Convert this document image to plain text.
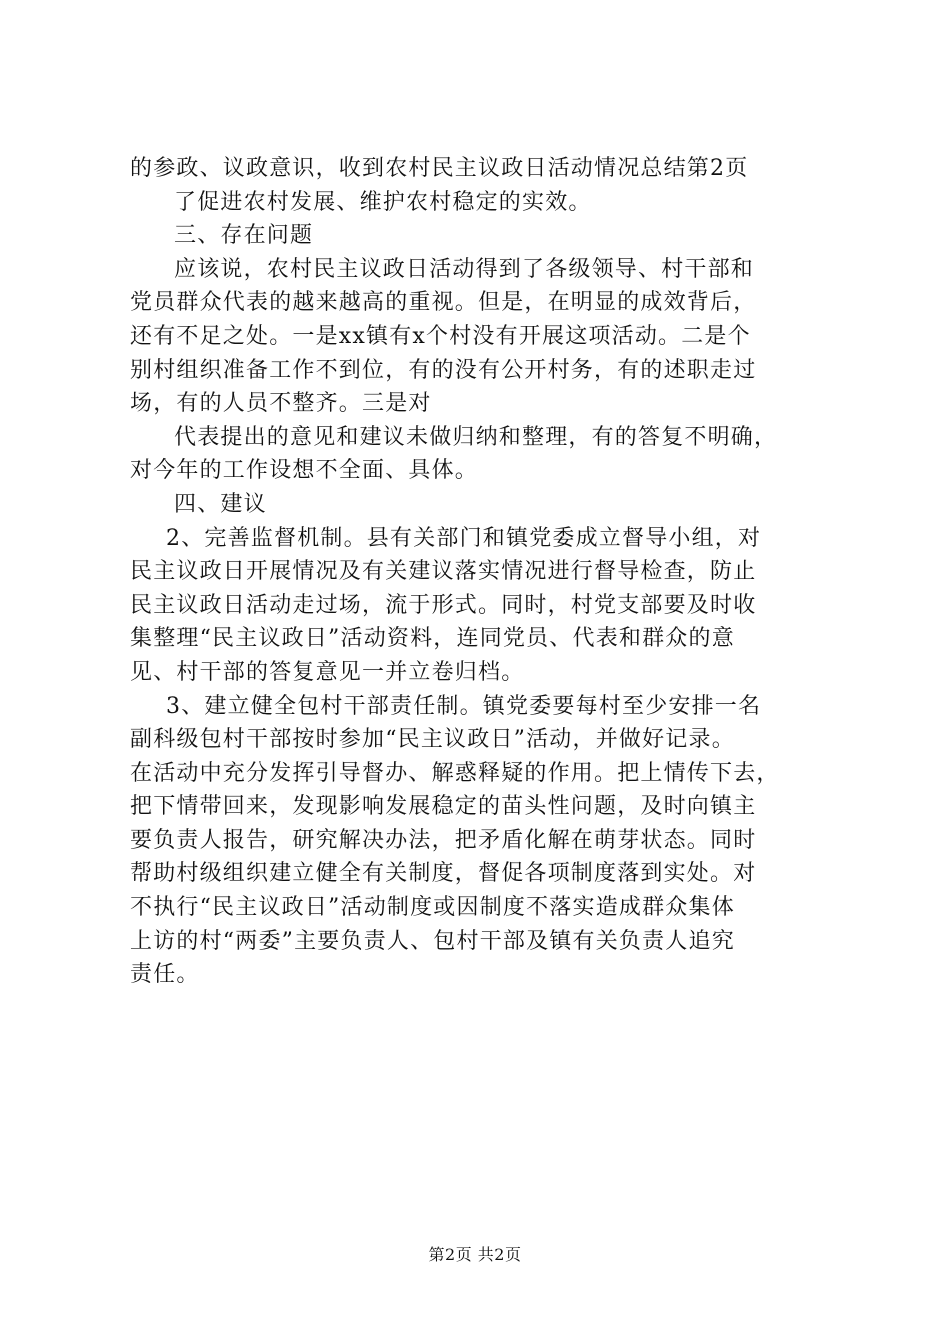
的参政、议政意识，收到农村民主议政日活动情况总结第2页
了促进农村发展、维护农村稳定的实效。
三、存在问题
应该说，农村民主议政日活动得到了各级领导、村干部和
党员群众代表的越来越高的重视。但是，在明显的成效背后，
还有不足之处。一是xx镇有x个村没有开展这项活动。二是个
别村组织准备工作不到位，有的没有公开村务，有的述职走过
场，有的人员不整齐。三是对
代表提出的意见和建议未做归纳和整理，有的答复不明确，
对今年的工作设想不全面、具体。
四、建议
2、完善监督机制。县有关部门和镇党委成立督导小组，对
民主议政日开展情况及有关建议落实情况进行督导检查，防止
民主议政日活动走过场，流于形式。同时，村党支部要及时收
集整理“民主议政日”活动资料，连同党员、代表和群众的意
见、村干部的答复意见一并立卷归档。
3、建立健全包村干部责任制。镇党委要每村至少安排一名
副科级包村干部按时参加“民主议政日”活动，并做好记录。
在活动中充分发挥引导督办、解惑释疑的作用。把上情传下去，
把下情带回来，发现影响发展稳定的苗头性问题，及时向镇主
要负责人报告，研究解决办法，把矛盾化解在萌芽状态。同时
帮助村级组织建立健全有关制度，督促各项制度落到实处。对
不执行“民主议政日”活动制度或因制度不落实造成群众集体
上访的村“两委”主要负责人、包村干部及镇有关负责人追究
责任。
第2页 共2页
